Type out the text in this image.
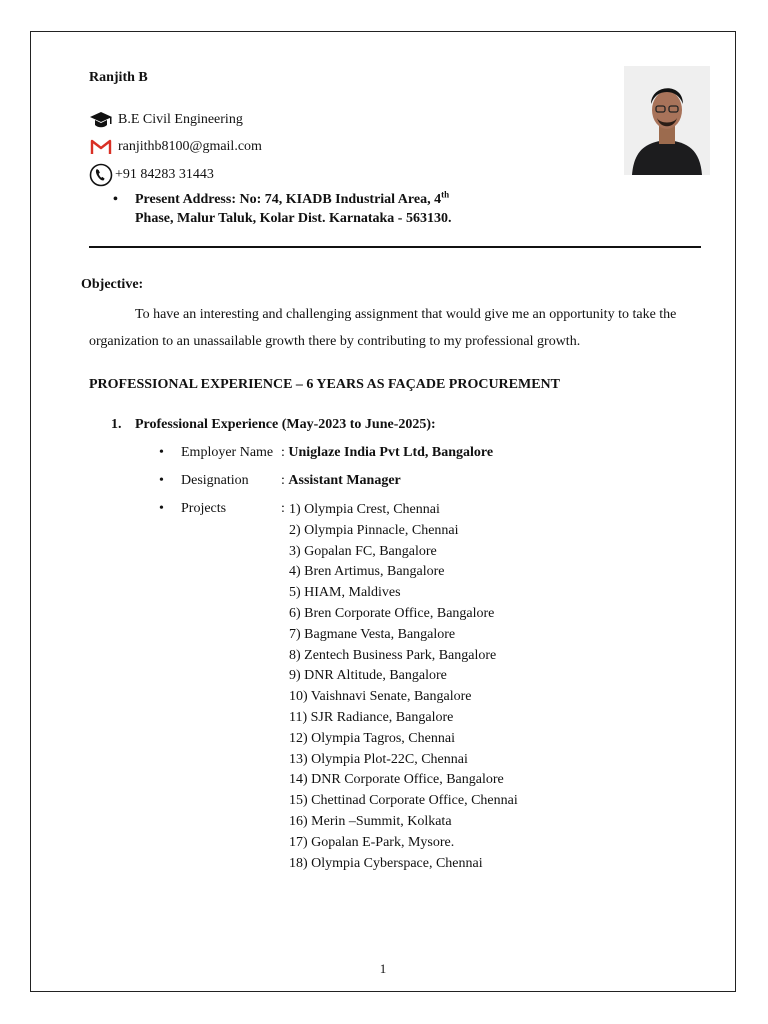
Ranjith B
B.E Civil Engineering
ranjithb8100@gmail.com
+91 84283 31443
• Present Address: No: 74, KIADB Industrial Area, 4th
Phase, Malur Taluk, Kolar Dist. Karnataka - 563130.
Objective:
To have an interesting and challenging assignment that would give me an opportunity to take the organization to an unassailable growth there by contributing to my professional growth.
PROFESSIONAL EXPERIENCE – 6 YEARS AS FAÇADE PROCUREMENT
1. Professional Experience (May-2023 to June-2025):
• Employer Name : Uniglaze India Pvt Ltd, Bangalore
• Designation : Assistant Manager
• Projects	: 1) Olympia Crest, Chennai
2) Olympia Pinnacle, Chennai
3) Gopalan FC, Bangalore
4) Bren Artimus, Bangalore
5) HIAM, Maldives
6) Bren Corporate Office, Bangalore
7) Bagmane Vesta, Bangalore
8) Zentech Business Park, Bangalore
9) DNR Altitude, Bangalore
10) Vaishnavi Senate, Bangalore
11) SJR Radiance, Bangalore
12) Olympia Tagros, Chennai
13) Olympia Plot-22C, Chennai
14) DNR Corporate Office, Bangalore
15) Chettinad Corporate Office, Chennai
16) Merin –Summit, Kolkata
17) Gopalan E-Park, Mysore.
18) Olympia Cyberspace, Chennai
1
